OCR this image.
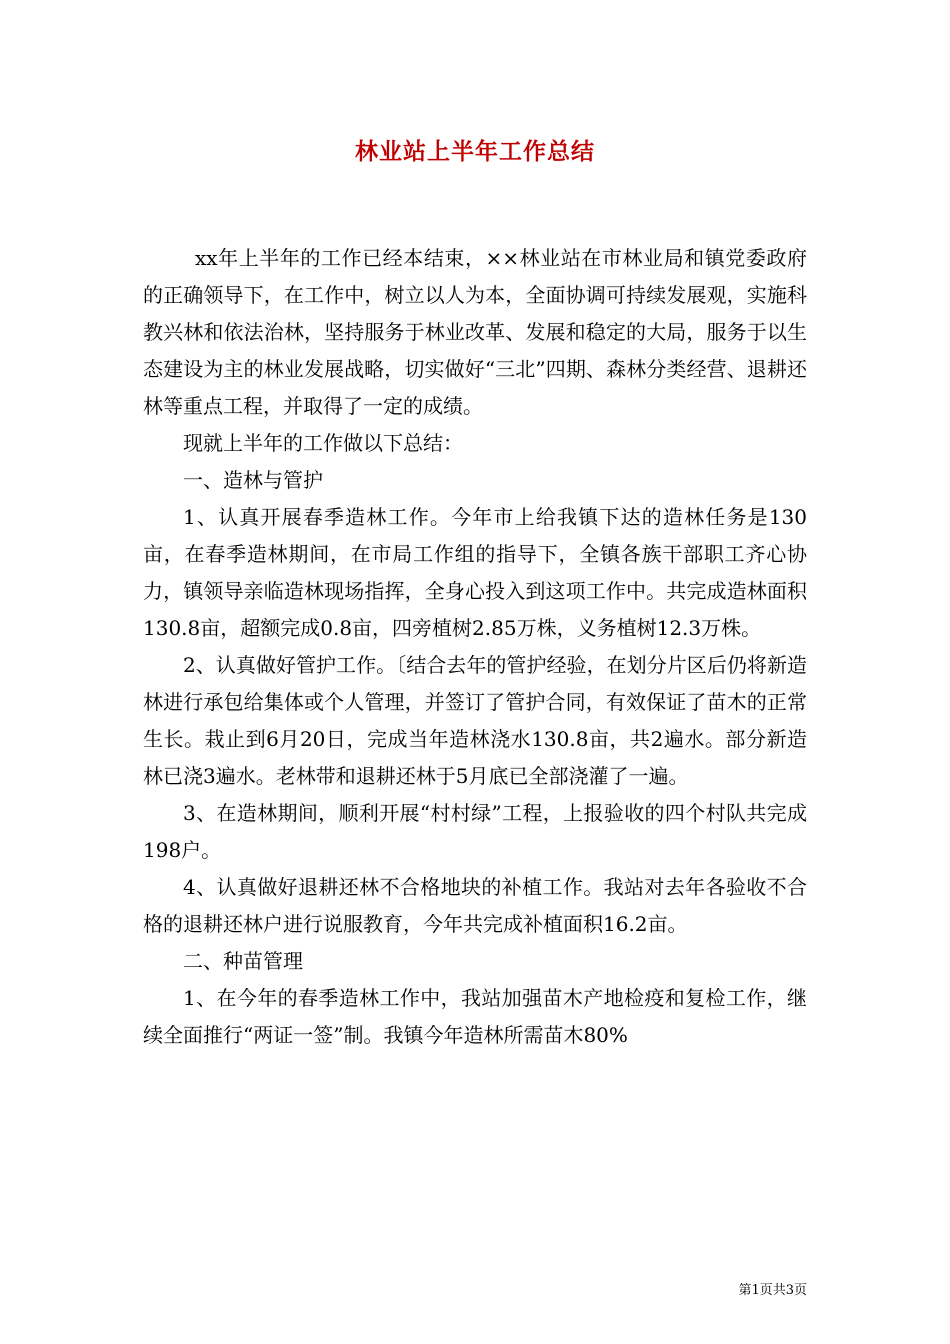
林业站上半年工作总结

xx年上半年的工作已经本结束，××林业站在市林业局和镇党委政府的正确领导下，在工作中，树立以人为本，全面协调可持续发展观，实施科教兴林和依法治林，坚持服务于林业改革、发展和稳定的大局，服务于以生态建设为主的林业发展战略，切实做好“三北”四期、森林分类经营、退耕还林等重点工程，并取得了一定的成绩。

现就上半年的工作做以下总结：

一、造林与管护

1、认真开展春季造林工作。今年市上给我镇下达的造林任务是130亩，在春季造林期间，在市局工作组的指导下，全镇各族干部职工齐心协力，镇领导亲临造林现场指挥，全身心投入到这项工作中。共完成造林面积130.8亩，超额完成0.8亩，四旁植树2.85万株，义务植树12.3万株。

2、认真做好管护工作。〔结合去年的管护经验，在划分片区后仍将新造林进行承包给集体或个人管理，并签订了管护合同，有效保证了苗木的正常生长。栽止到6月20日，完成当年造林浇水130.8亩，共2遍水。部分新造林已浇3遍水。老林带和退耕还林于5月底已全部浇灌了一遍。

3、在造林期间，顺利开展“村村绿”工程，上报验收的四个村队共完成198户。

4、认真做好退耕还林不合格地块的补植工作。我站对去年各验收不合格的退耕还林户进行说服教育，今年共完成补植面积16.2亩。

二、种苗管理

1、在今年的春季造林工作中，我站加强苗木产地检疫和复检工作，继续全面推行“两证一签”制。我镇今年造林所需苗木80%

第1页共3页
